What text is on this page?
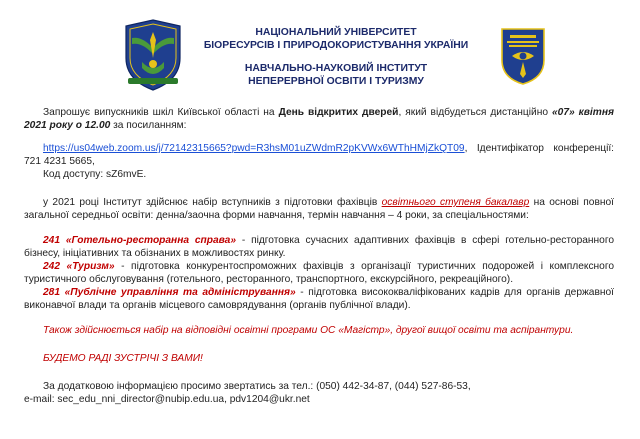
НАЦІОНАЛЬНИЙ УНІВЕРСИТЕТ
БІОРЕСУРСІВ І ПРИРОДОКОРИСТУВАННЯ УКРАЇНИ
НАВЧАЛЬНО-НАУКОВИЙ ІНСТИТУТ
НЕПЕРЕРВНОЇ ОСВІТИ І ТУРИЗМУ

Запрошує випускників шкіл Київської області на День відкритих дверей, який відбудеться дистанційно «07» квітня 2021 року о 12.00 за посиланням:

https://us04web.zoom.us/j/72142315665?pwd=R3hsM01uZWdmR2pKVWx6WThHMjZkQT09, Ідентифікатор конференції: 721 4231 5665,

Код доступу: sZ6mvE.

у 2021 році Інститут здійснює набір вступників з підготовки фахівців освітнього ступеня бакалавр на основі повної загальної середньої освіти: денна/заочна форми навчання, термін навчання – 4 роки, за спеціальностями:

241 «Готельно-ресторанна справа» - підготовка сучасних адаптивних фахівців в сфері готельно-ресторанного бізнесу, ініціативних та обізнаних в можливостях ринку.

242 «Туризм» - підготовка конкурентоспроможних фахівців з організації туристичних подорожей і комплексного туристичного обслуговування (готельного, ресторанного, транспортного, екскурсійного, рекреаційного).

281 «Публічне управління та адміністрування» - підготовка висококваліфікованих кадрів для органів державної виконавчої влади та органів місцевого самоврядування (органів публічної влади).

Також здійснюється набір на відповідні освітні програми ОС «Магістр», другої вищої освіти та аспірантури.

БУДЕМО РАДІ ЗУСТРІЧІ З ВАМИ!

За додатковою інформацією просимо звертатись за тел.: (050) 442-34-87, (044) 527-86-53,

e-mail: sec_edu_nni_director@nubip.edu.ua, pdv1204@ukr.net
